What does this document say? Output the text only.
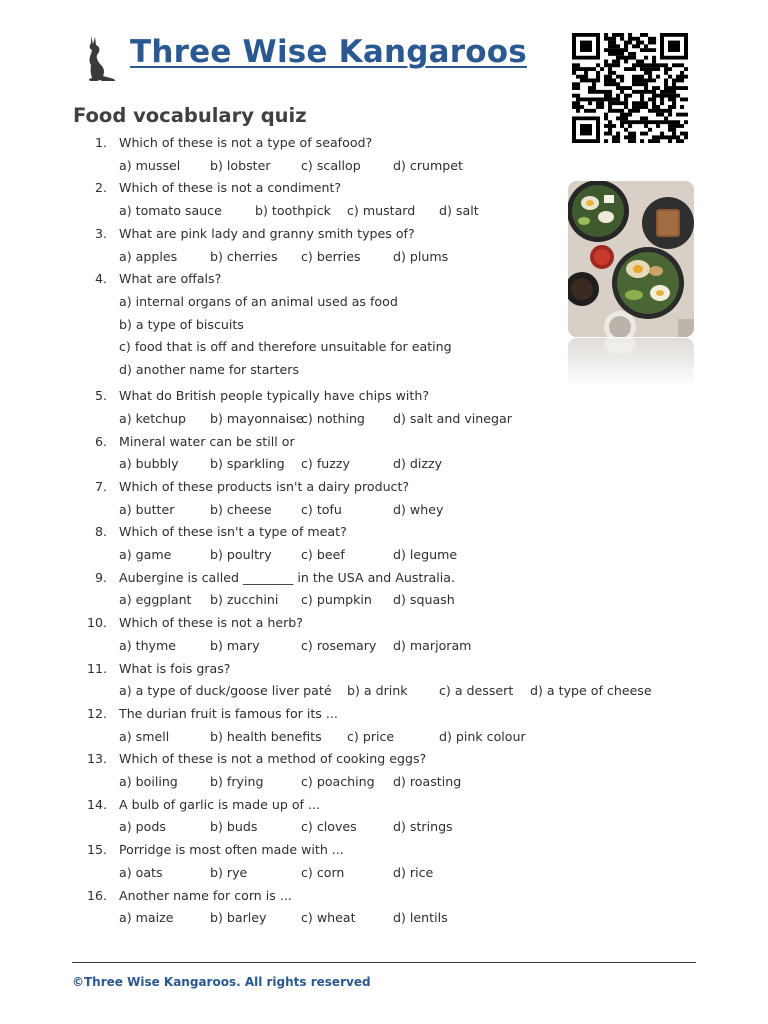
Three Wise Kangaroos
Food vocabulary quiz
1. Which of these is not a type of seafood?
a) mussel b) lobster c) scallop	d) crumpet
2. Which of these is not a condiment?
a) tomato sauce	b) toothpick c) mustard d) salt
3. What are pink lady and granny smith types of?
a) apples	b) cherries c) berries	d) plums
4. What are offals?
a) internal organs of an animal used as food
b) a type of biscuits
c) food that is off and therefore unsuitable for eating
d) another name for starters
5. What do British people typically have chips with?
a) ketchup b) mayonnaise
c) nothing d) salt and vinegar
6. Mineral water can be still or
a) bubbly b) sparkling c) fuzzy	d) dizzy
7. Which of these products isn't a dairy product?
a) butter	b) cheese c) tofu	d) whey
8. Which of these isn't a type of meat?
a) game	b) poultry c) beef	d) legume
9. Aubergine is called ________ in the USA and Australia.
a) eggplant b) zucchini c) pumpkin d) squash
10. Which of these is not a herb?
a) thyme	b) mary	c) rosemary d) marjoram
11. What is fois gras?
a) a type of duck/goose liver paté b) a drink c) a dessert d) a type of cheese
12. The durian fruit is famous for its ...
a) smell	b) health benefits c) price	d) pink colour
13. Which of these is not a method of cooking eggs?
a) boiling	b) frying	c) poaching d) roasting
14. A bulb of garlic is made up of ...
a) pods	b) buds	c) cloves	d) strings
15. Porridge is most often made with ...
a) oats	b) rye	c) corn	d) rice
16. Another name for corn is ...
a) maize	b) barley	c) wheat	d) lentils
©Three Wise Kangaroos. All rights reserved
